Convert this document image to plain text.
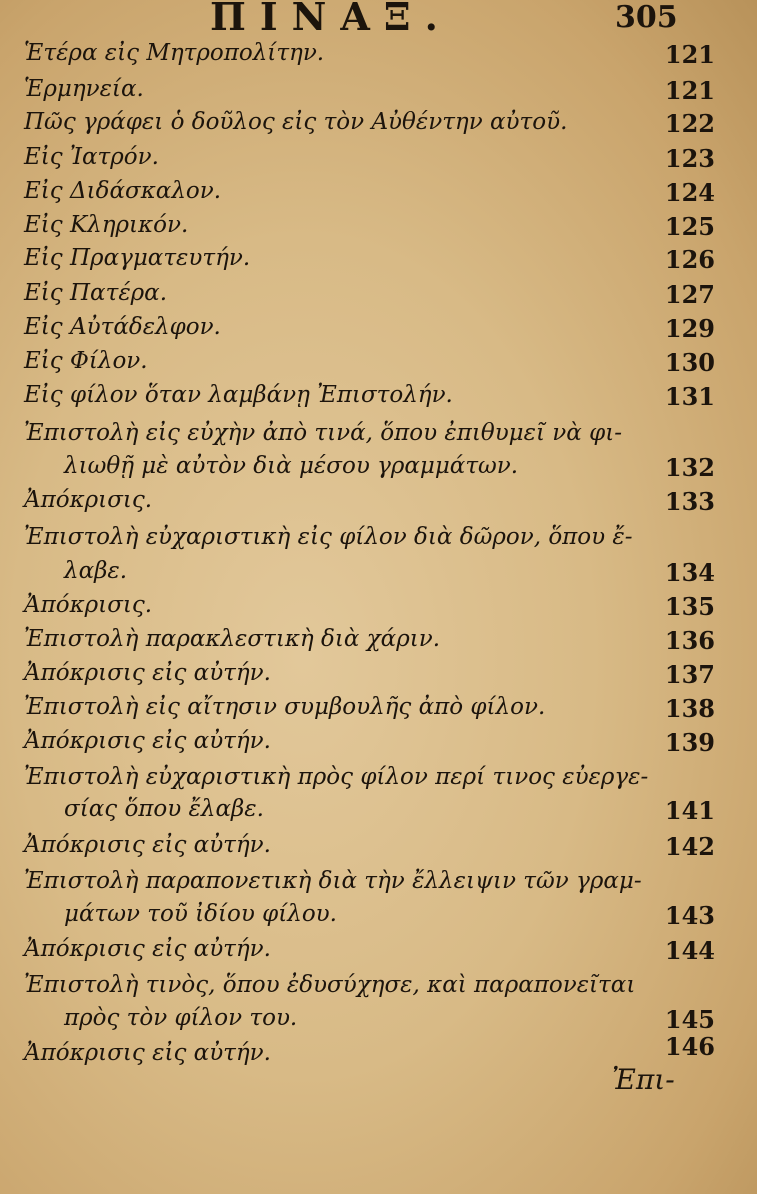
ΠΙΝΑΞ.	305
Ἑτέρα εἰς Μητροπολίτην.	121
Ἑρμηνεία.	121
Πῶς γράφει ὁ δοῦλος εἰς τὸν Αὐθέντην αὐτοῦ.	122
Εἰς Ἰατρόν.	123
Εἰς Διδάσκαλον.	124
Εἰς Κληρικόν.	125
Εἰς Πραγματευτήν.	126
Εἰς Πατέρα.	127
Εἰς Αὐτάδελφον.	129
Εἰς Φίλον.	130
Εἰς φίλον ὅταν λαμβάνῃ Ἐπιστολήν.	131
Ἐπιστολὴ εἰς εὐχὴν ἀπὸ τινά, ὅπου ἐπιθυμεῖ νὰ φι-
λιωθῇ μὲ αὐτὸν διὰ μέσου γραμμάτων.	132
Ἀπόκρισις.	133
Ἐπιστολὴ εὐχαριστικὴ εἰς φίλον διὰ δῶρον, ὅπου ἔ-
λαβε.	134
Ἀπόκρισις.	135
Ἐπιστολὴ παρακλεστικὴ διὰ χάριν.	136
Ἀπόκρισις εἰς αὐτήν.	137
Ἐπιστολὴ εἰς αἴτησιν συμβουλῆς ἀπὸ φίλον.	138
Ἀπόκρισις εἰς αὐτήν.	139
Ἐπιστολὴ εὐχαριστικὴ πρὸς φίλον περί τινος εὐεργε-
σίας ὅπου ἔλαβε.	141
Ἀπόκρισις εἰς αὐτήν.	142
Ἐπιστολὴ παραπονετικὴ διὰ τὴν ἔλλειψιν τῶν γραμ-
μάτων τοῦ ἰδίου φίλου.	143
Ἀπόκρισις εἰς αὐτήν.	144
Ἐπιστολὴ τινὸς, ὅπου ἐδυσύχησε, καὶ παραπονεῖται
πρὸς τὸν φίλον του.	145
Ἀπόκρισις εἰς αὐτήν.	146
Ἐπι-
